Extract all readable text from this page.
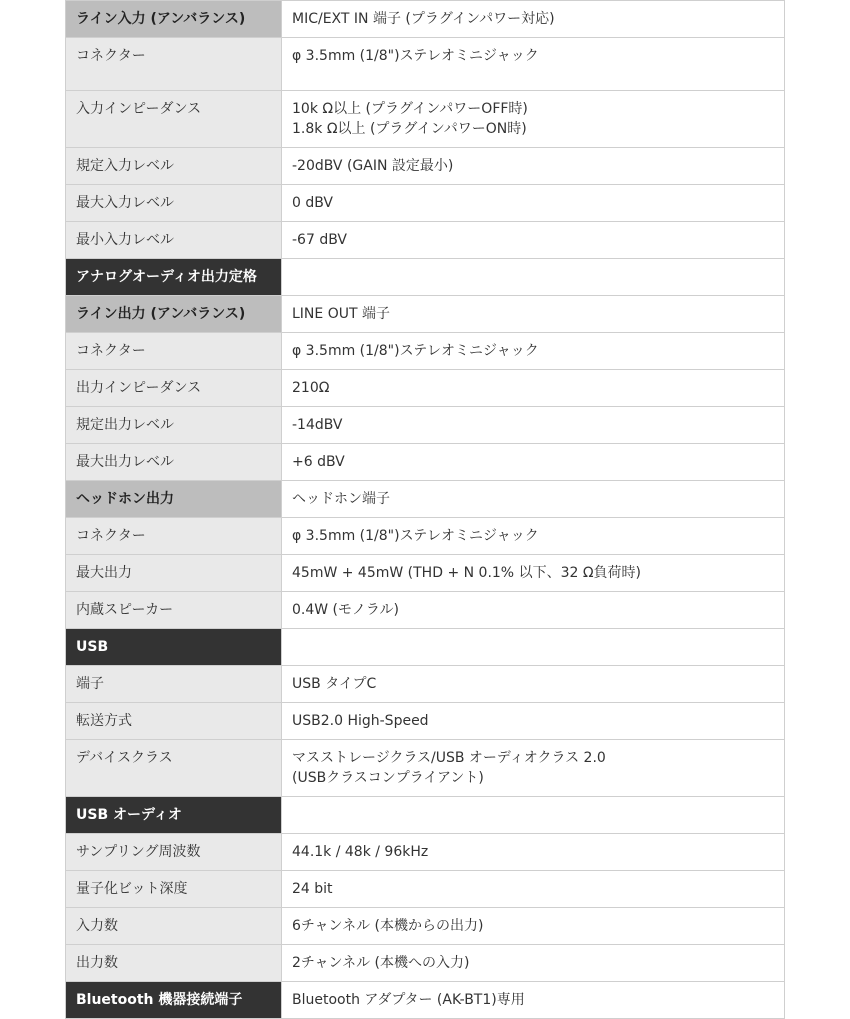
ライン入力 (アンバランス)	MIC/EXT IN 端子 (プラグインパワー対応)

コネクター	φ 3.5mm (1/8")ステレオミニジャック

入力インピーダンス	10k Ω以上 (プラグインパワーOFF時)
1.8k Ω以上 (プラグインパワーON時)

規定入力レベル	-20dBV (GAIN 設定最小)

最大入力レベル	0 dBV

最小入力レベル	-67 dBV

アナログオーディオ出力定格	
ライン出力 (アンバランス)	LINE OUT 端子

コネクター	φ 3.5mm (1/8")ステレオミニジャック

出力インピーダンス	210Ω

規定出力レベル	-14dBV

最大出力レベル	+6 dBV

ヘッドホン出力	ヘッドホン端子

コネクター	φ 3.5mm (1/8")ステレオミニジャック

最大出力	45mW + 45mW (THD + N 0.1% 以下、32 Ω負荷時)

内蔵スピーカー	0.4W (モノラル)

USB	
端子	USB タイプC

転送方式	USB2.0 High-Speed

デバイスクラス	マスストレージクラス/USB オーディオクラス 2.0
(USBクラスコンプライアント)

USB オーディオ	
サンプリング周波数	44.1k / 48k / 96kHz

量子化ビット深度	24 bit

入力数	6チャンネル (本機からの出力)

出力数	2チャンネル (本機への入力)

Bluetooth 機器接続端子	Bluetooth アダプター (AK-BT1)専用
